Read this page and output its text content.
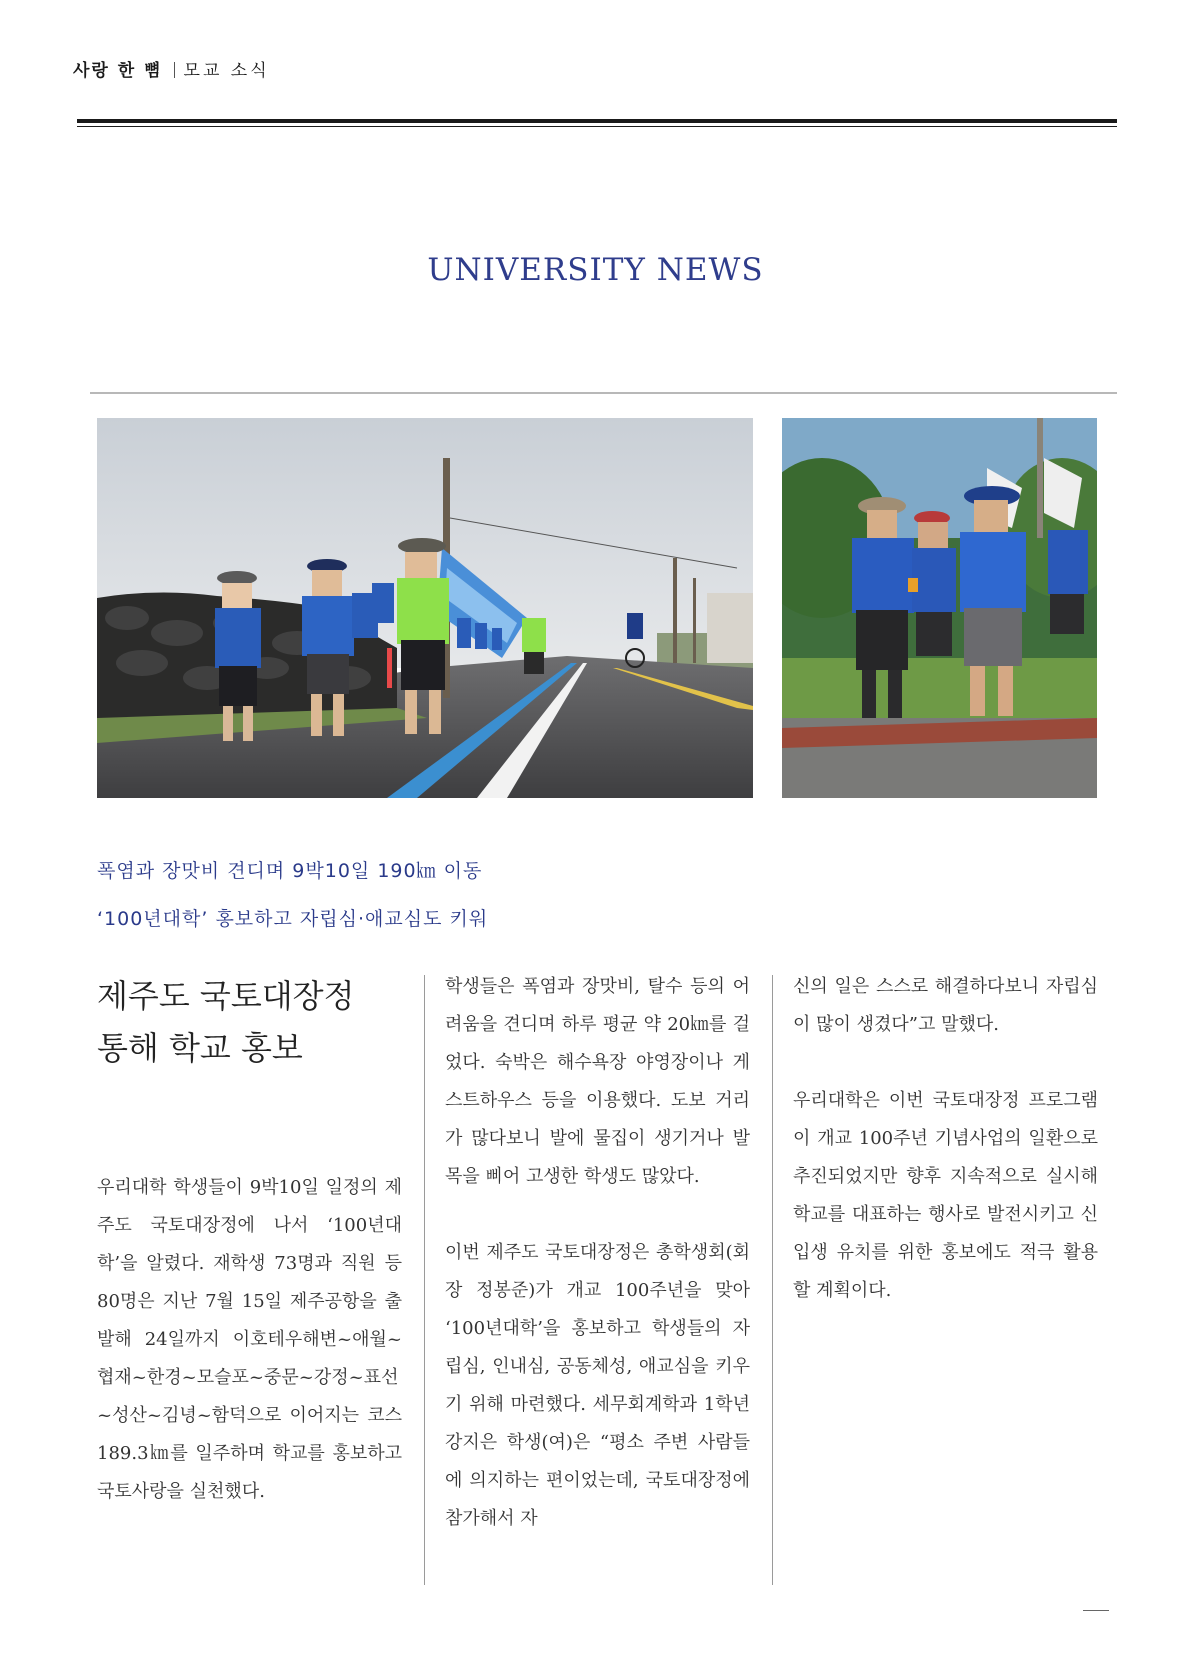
사랑 한 뼘 모교 소식
UNIVERSITY NEWS
폭염과 장맛비 견디며 9박10일 190㎞ 이동
‘100년대학’ 홍보하고 자립심·애교심도 키워
제주도 국토대장정
통해 학교 홍보

우리대학 학생들이 9박10일 일정의 제주도 국토대장정에 나서 ‘100년대학’을 알렸다. 재학생 73명과 직원 등 80명은 지난 7월 15일 제주공항을 출발해 24일까지 이호테우해변~애월~협재~한경~모슬포~중문~강정~표선~성산~김녕~함덕으로 이어지는 코스 189.3㎞를 일주하며 학교를 홍보하고 국토사랑을 실천했다.

학생들은 폭염과 장맛비, 탈수 등의 어려움을 견디며 하루 평균 약 20㎞를 걸었다. 숙박은 해수욕장 야영장이나 게스트하우스 등을 이용했다. 도보 거리가 많다보니 발에 물집이 생기거나 발목을 삐어 고생한 학생도 많았다.

이번 제주도 국토대장정은 총학생회(회장 정봉준)가 개교 100주년을 맞아 ‘100년대학’을 홍보하고 학생들의 자립심, 인내심, 공동체성, 애교심을 키우기 위해 마련했다. 세무회계학과 1학년 강지은 학생(여)은 “평소 주변 사람들에 의지하는 편이었는데, 국토대장정에 참가해서 자

신의 일은 스스로 해결하다보니 자립심이 많이 생겼다”고 말했다.

우리대학은 이번 국토대장정 프로그램이 개교 100주년 기념사업의 일환으로 추진되었지만 향후 지속적으로 실시해 학교를 대표하는 행사로 발전시키고 신입생 유치를 위한 홍보에도 적극 활용할 계획이다.
